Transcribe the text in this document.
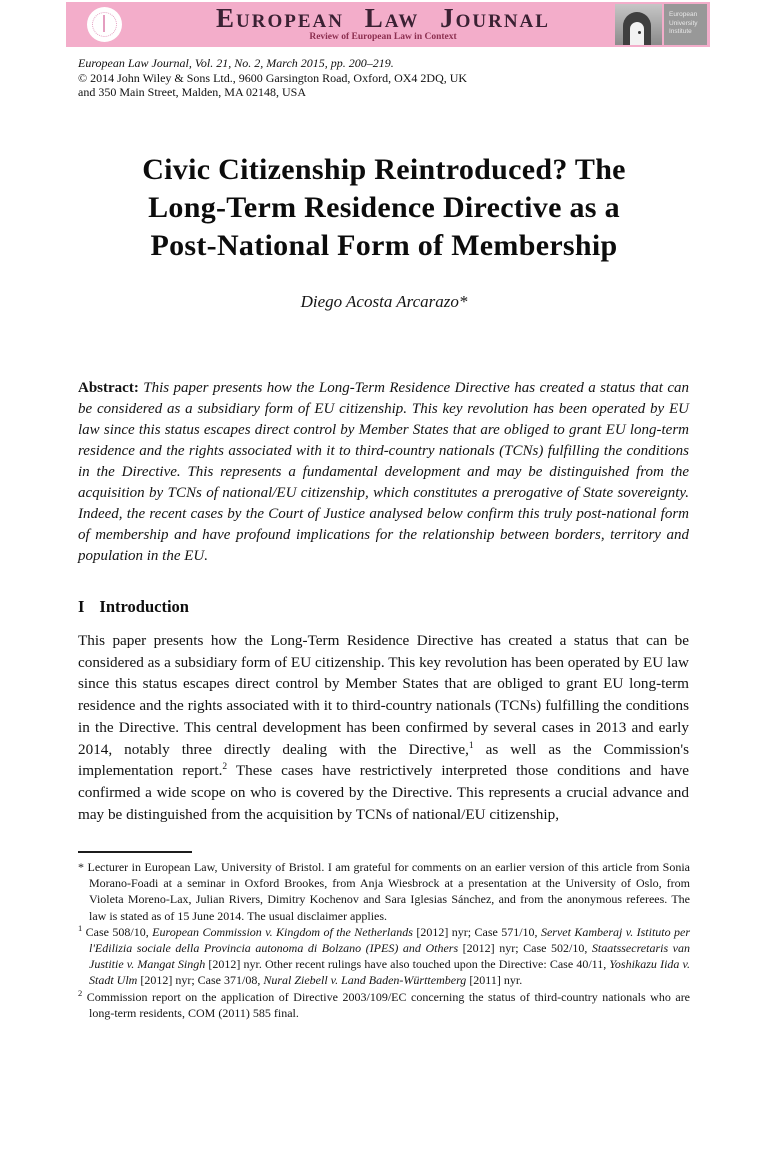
European Law Journal
Review of European Law in Context
European
University
Institute
European Law Journal, Vol. 21, No. 2, March 2015, pp. 200–219.
© 2014 John Wiley & Sons Ltd., 9600 Garsington Road, Oxford, OX4 2DQ, UK
and 350 Main Street, Malden, MA 02148, USA
Civic Citizenship Reintroduced? The
Long-Term Residence Directive as a
Post-National Form of Membership
Diego Acosta Arcarazo*
Abstract: This paper presents how the Long-Term Residence Directive has created a status that can be considered as a subsidiary form of EU citizenship. This key revolution has been operated by EU law since this status escapes direct control by Member States that are obliged to grant EU long-term residence and the rights associated with it to third-country nationals (TCNs) fulfilling the conditions in the Directive. This represents a fundamental development and may be distinguished from the acquisition by TCNs of national/EU citizenship, which constitutes a prerogative of State sovereignty. Indeed, the recent cases by the Court of Justice analysed below confirm this truly post-national form of membership and have profound implications for the relationship between borders, territory and population in the EU.
I Introduction
This paper presents how the Long-Term Residence Directive has created a status that can be considered as a subsidiary form of EU citizenship. This key revolution has been operated by EU law since this status escapes direct control by Member States that are obliged to grant EU long-term residence and the rights associated with it to third-country nationals (TCNs) fulfilling the conditions in the Directive. This central development has been confirmed by several cases in 2013 and early 2014, notably three directly dealing with the Directive,$^1$ as well as the Commission's implementation report.$^2$ These cases have restrictively interpreted those conditions and have confirmed a wide scope on who is covered by the Directive. This represents a crucial advance and may be distinguished from the acquisition by TCNs of national/EU citizenship,
* Lecturer in European Law, University of Bristol. I am grateful for comments on an earlier version of this article from Sonia Morano-Foadi at a seminar in Oxford Brookes, from Anja Wiesbrock at a presentation at the University of Oslo, from Violeta Moreno-Lax, Julian Rivers, Dimitry Kochenov and Sara Iglesias Sánchez, and from the anonymous referees. The law is stated as of 15 June 2014. The usual disclaimer applies.
$^1$ Case 508/10, European Commission v. Kingdom of the Netherlands [2012] nyr; Case 571/10, Servet Kamberaj v. Istituto per l'Edilizia sociale della Provincia autonoma di Bolzano (IPES) and Others [2012] nyr; Case 502/10, Staatssecretaris van Justitie v. Mangat Singh [2012] nyr. Other recent rulings have also touched upon the Directive: Case 40/11, Yoshikazu Iida v. Stadt Ulm [2012] nyr; Case 371/08, Nural Ziebell v. Land Baden-Württemberg [2011] nyr.
$^2$ Commission report on the application of Directive 2003/109/EC concerning the status of third-country nationals who are long-term residents, COM (2011) 585 final.
